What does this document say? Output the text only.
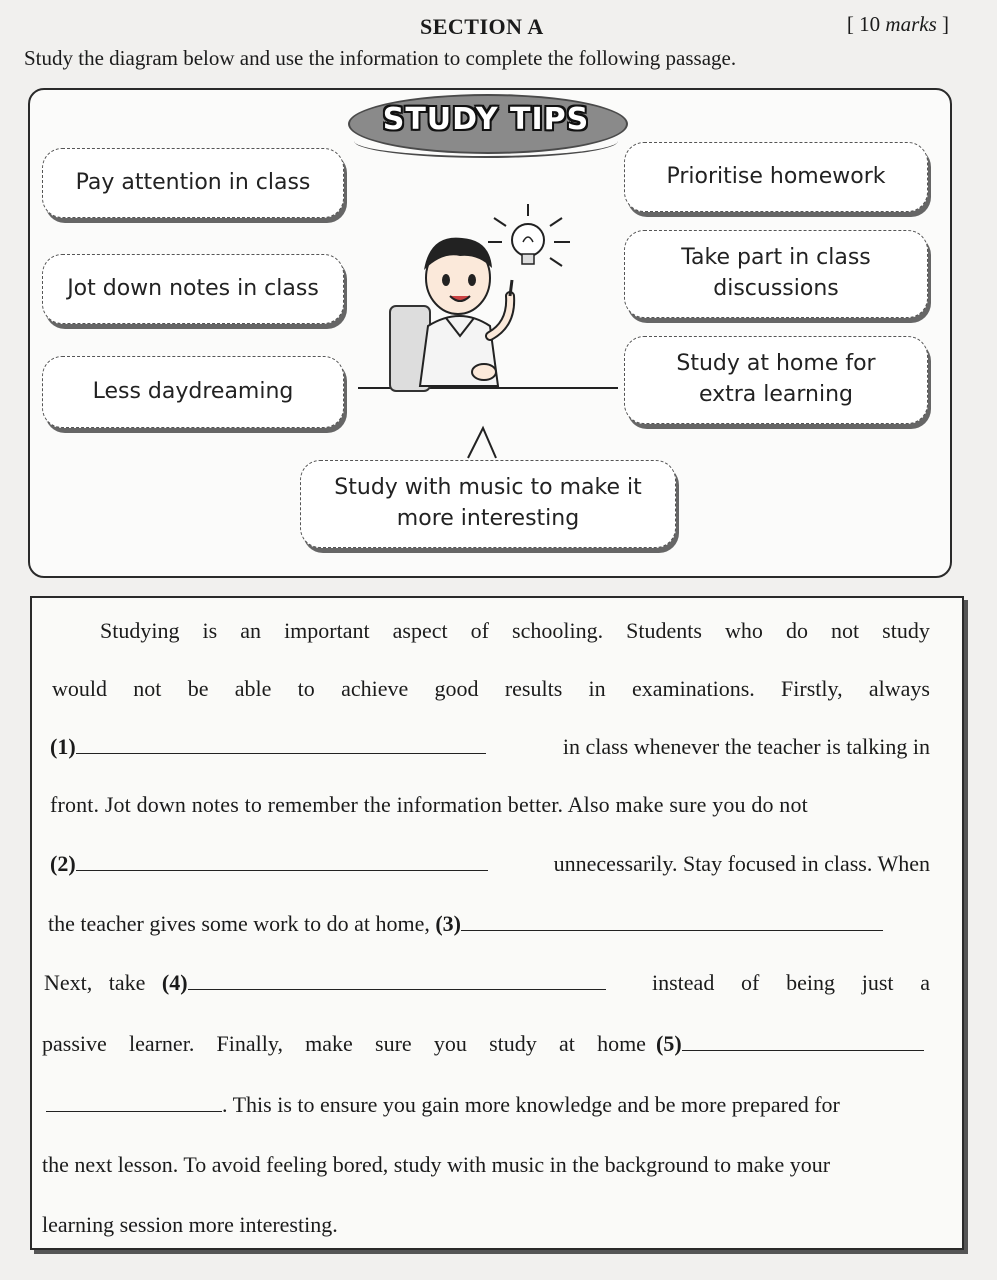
SECTION A	[ 10 marks ]
Study the diagram below and use the information to complete the following passage.
STUDY TIPS
Pay attention in class
Jot down notes in class
Less daydreaming
Prioritise homework
Take part in class
discussions
Study at home for
extra learning
Study with music to make it
more interesting
Studying is an important aspect of schooling. Students who do not study
would not be able to achieve good results in examinations. Firstly, always
(1)	in class whenever the teacher is talking in
front. Jot down notes to remember the information better. Also make sure you do not
(2)	unnecessarily. Stay focused in class. When
the teacher gives some work to do at home, (3)
Next, take (4)	instead of being just a
passive learner. Finally, make sure you study at home (5)
. This is to ensure you gain more knowledge and be more prepared for
the next lesson. To avoid feeling bored, study with music in the background to make your
learning session more interesting.
